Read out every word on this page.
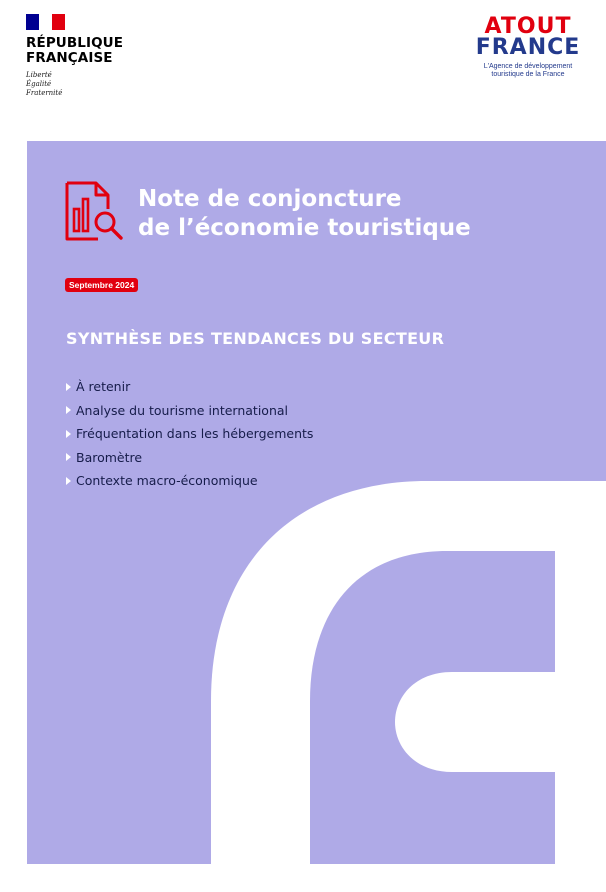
RÉPUBLIQUE
FRANÇAISE
Liberté
Égalité
Fraternité
ATOUT
FRANCE
L'Agence de développement
touristique de la France
Note de conjoncture
de l’économie touristique
Septembre 2024
SYNTHÈSE DES TENDANCES DU SECTEUR
À retenir
Analyse du tourisme international
Fréquentation dans les hébergements
Baromètre
Contexte macro-économique
